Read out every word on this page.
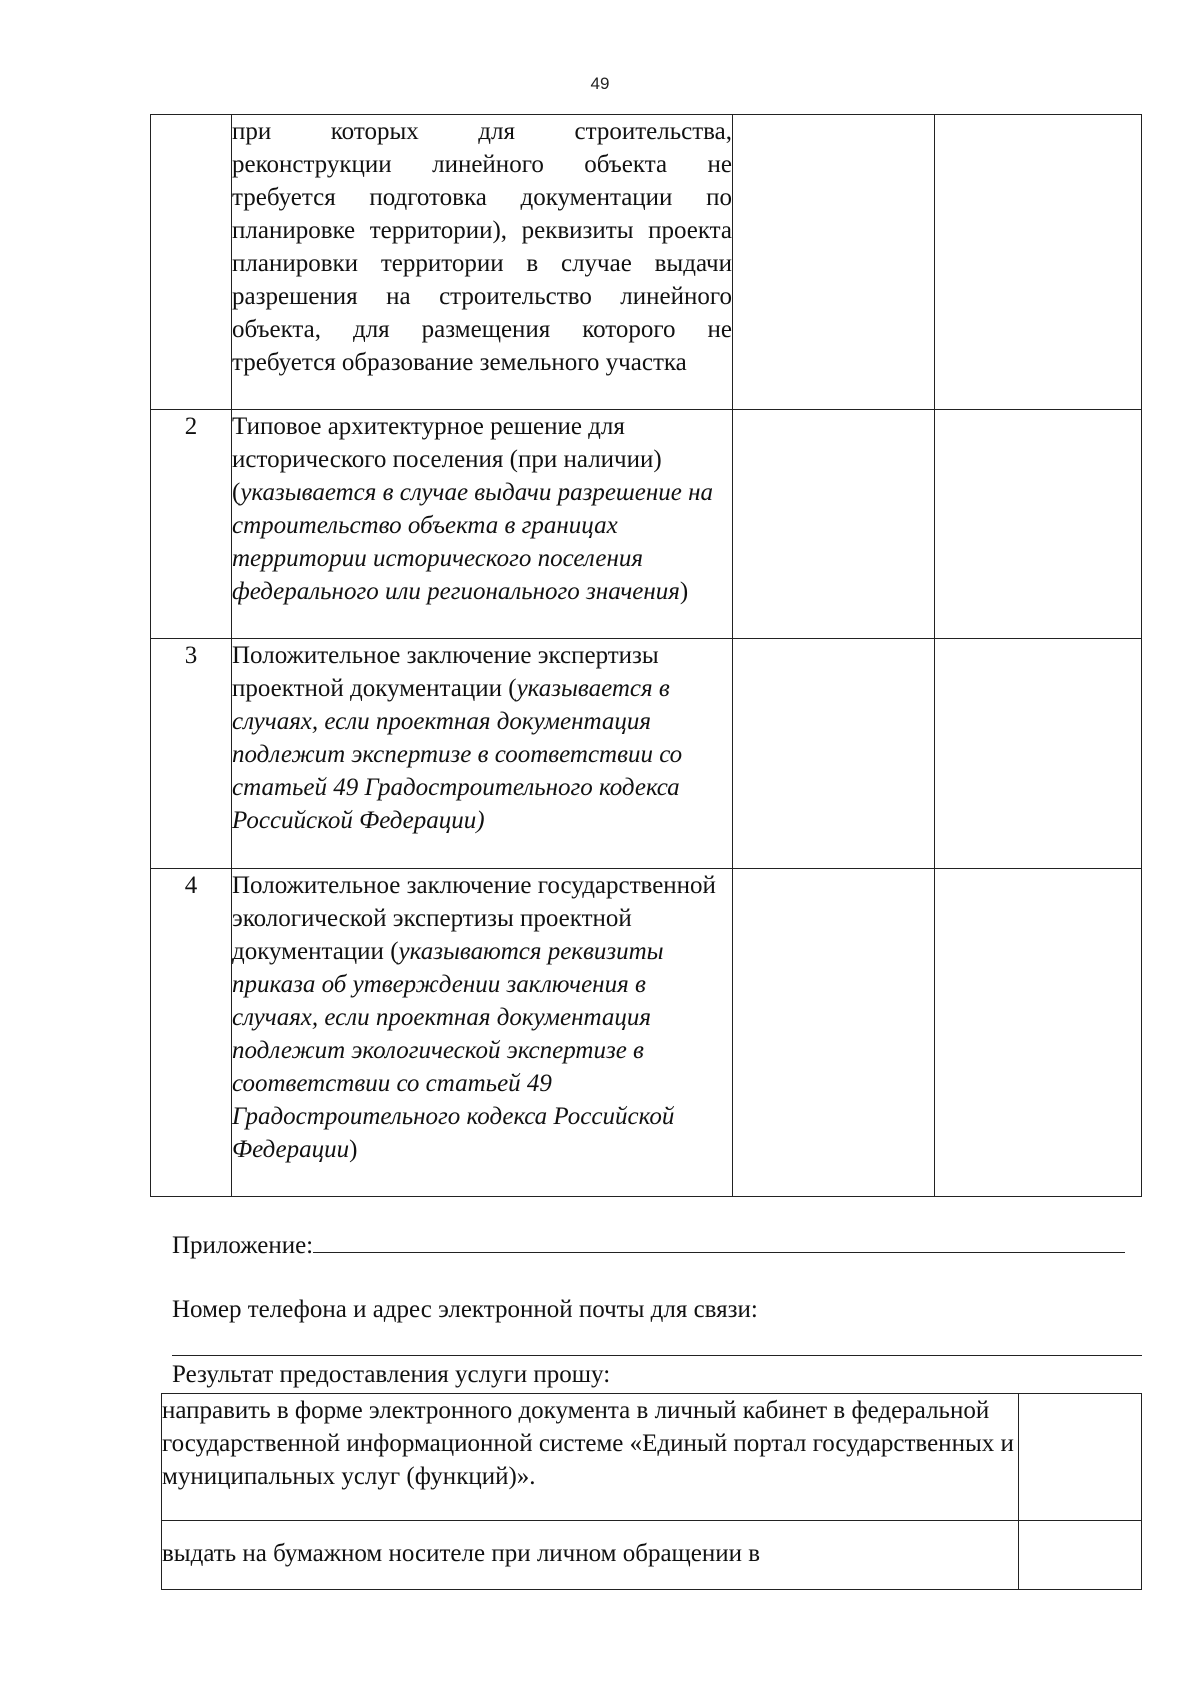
49

	при которых для строительства, реконструкции линейного объекта не требуется подготовка документации по планировке территории), реквизиты проекта планировки территории в случае выдачи разрешения на строительство линейного объекта, для размещения которого не требуется образование земельного участка		

2	Типовое архитектурное решение для исторического поселения (при наличии) (указывается в случае выдачи разрешение на строительство объекта в границах территории исторического поселения федерального или регионального значения)		

3	Положительное заключение экспертизы проектной документации (указывается в случаях, если проектная документация подлежит экспертизе в соответствии со статьей 49 Градостроительного кодекса Российской Федерации)		

4	Положительное заключение государственной экологической экспертизы проектной документации (указываются реквизиты приказа об утверждении заключения в случаях, если проектная документация подлежит экологической экспертизе в соответствии со статьей 49 Градостроительного кодекса Российской Федерации)		

Приложение:
Номер телефона и адрес электронной почты для связи:
Результат предоставления услуги прошу:
направить в форме электронного документа в личный кабинет в федеральной государственной информационной системе «Единый портал государственных и муниципальных услуг (функций)».	
выдать на бумажном носителе при личном обращении в	
